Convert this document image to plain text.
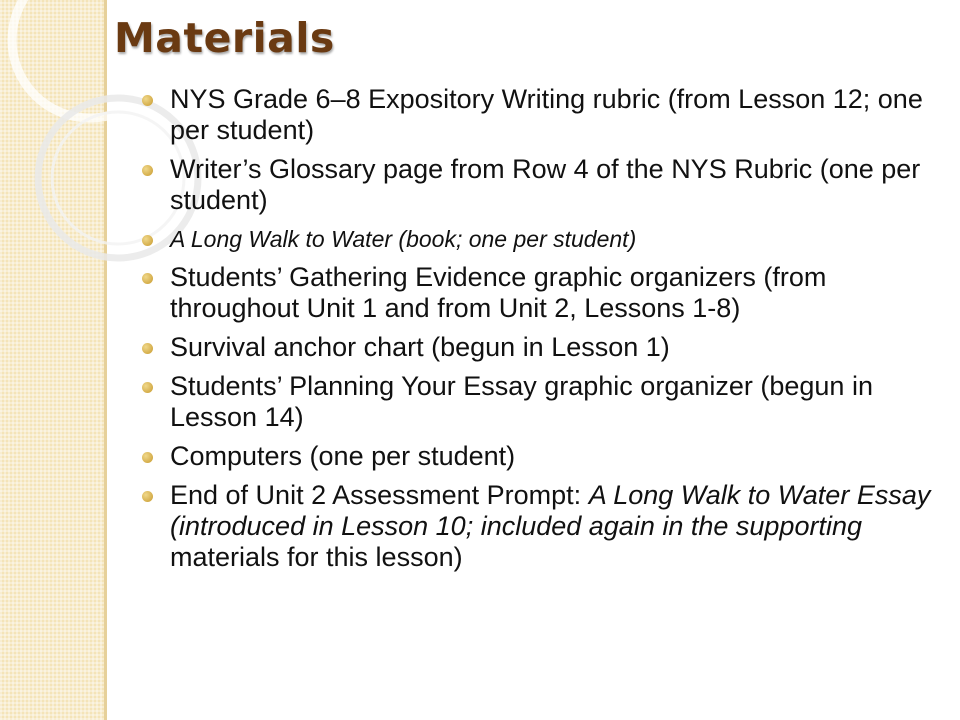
Materials
NYS Grade 6–8 Expository Writing rubric (from Lesson 12; one per student)
Writer’s Glossary page from Row 4 of the NYS Rubric (one per student)
A Long Walk to Water (book; one per student)
Students’ Gathering Evidence graphic organizers (from throughout Unit 1 and from Unit 2, Lessons 1-8)
Survival anchor chart (begun in Lesson 1)
Students’ Planning Your Essay graphic organizer (begun in Lesson 14)
Computers (one per student)
End of Unit 2 Assessment Prompt: A Long Walk to Water Essay (introduced in Lesson 10; included again in the supporting materials for this lesson)
